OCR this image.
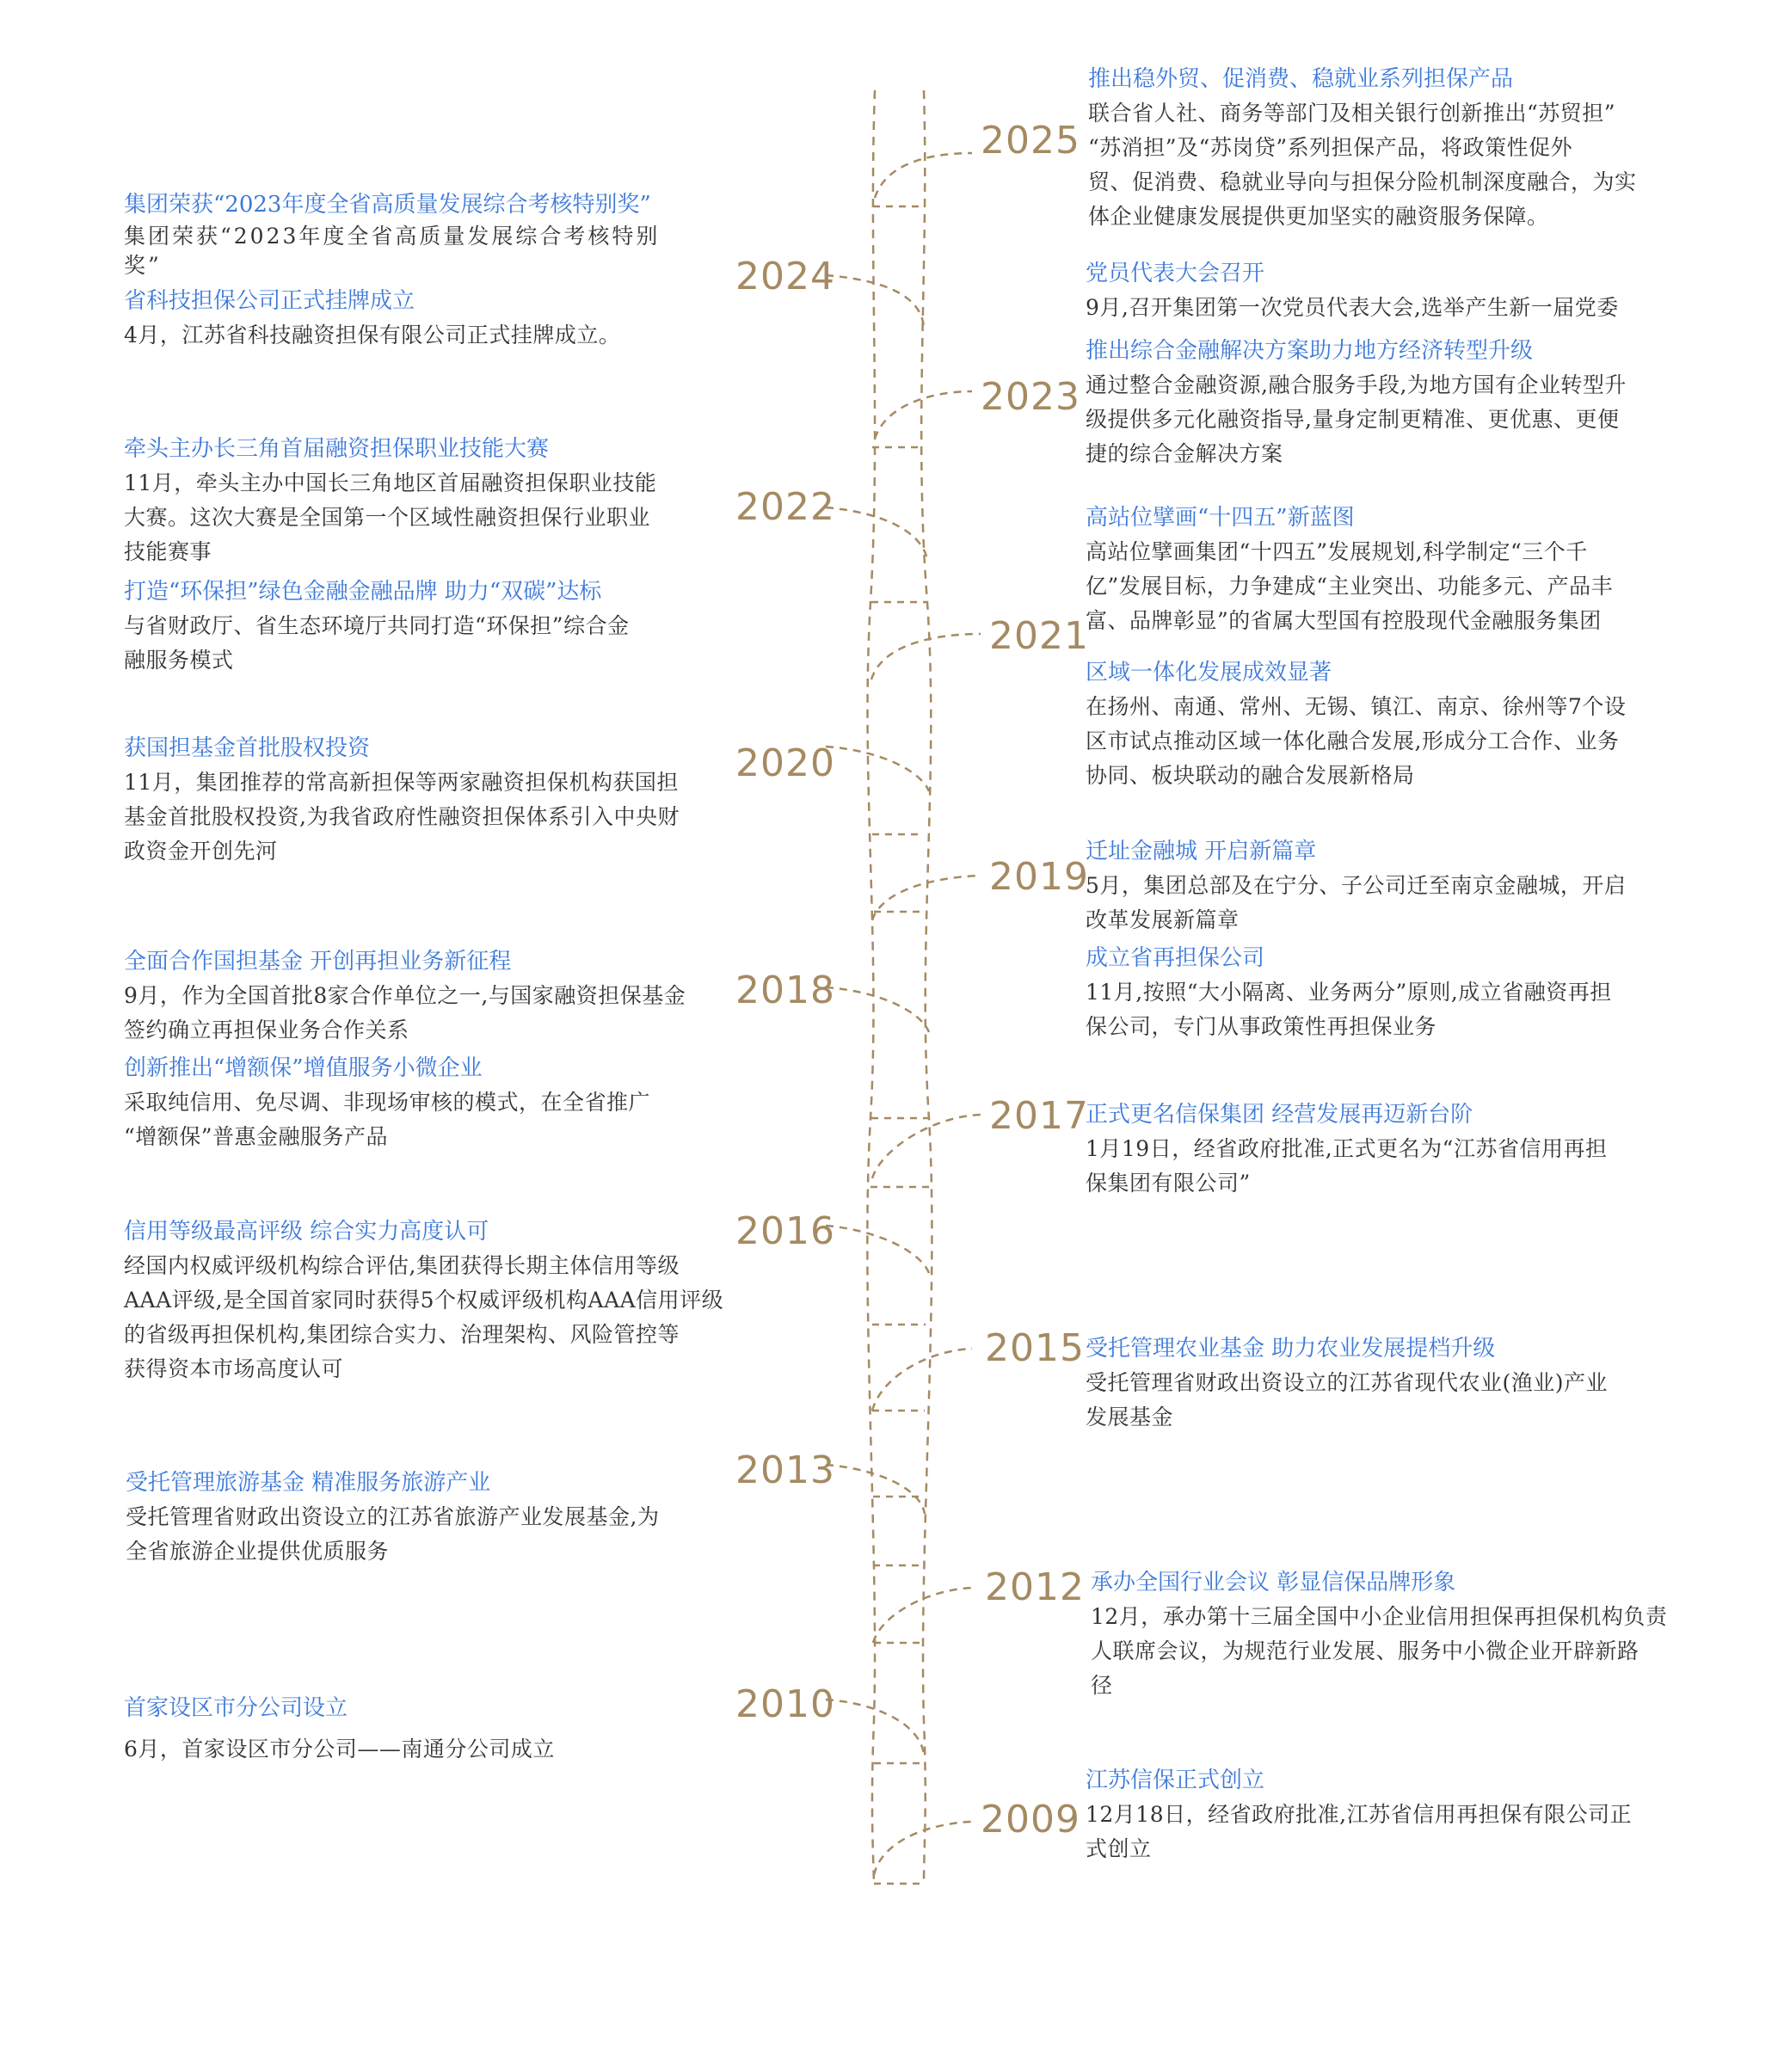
2025
2024
2023
2022
2021
2020
2019
2018
2017
2016
2015
2013
2012
2010
2009
推出稳外贸、促消费、稳就业系列担保产品
联合省人社、商务等部门及相关银行创新推出“苏贸担”
“苏消担”及“苏岗贷”系列担保产品，将政策性促外
贸、促消费、稳就业导向与担保分险机制深度融合，为实
体企业健康发展提供更加坚实的融资服务保障。
党员代表大会召开
9月,召开集团第一次党员代表大会,选举产生新一届党委
推出综合金融解决方案助力地方经济转型升级
通过整合金融资源,融合服务手段,为地方国有企业转型升
级提供多元化融资指导,量身定制更精准、更优惠、更便
捷的综合金解决方案
高站位擘画“十四五”新蓝图
高站位擘画集团“十四五”发展规划,科学制定“三个千
亿”发展目标，力争建成“主业突出、功能多元、产品丰
富、品牌彰显”的省属大型国有控股现代金融服务集团
区域一体化发展成效显著
在扬州、南通、常州、无锡、镇江、南京、徐州等7个设
区市试点推动区域一体化融合发展,形成分工合作、业务
协同、板块联动的融合发展新格局
迁址金融城 开启新篇章
5月，集团总部及在宁分、子公司迁至南京金融城，开启
改革发展新篇章
成立省再担保公司
11月,按照“大小隔离、业务两分”原则,成立省融资再担
保公司，专门从事政策性再担保业务
正式更名信保集团 经营发展再迈新台阶
1月19日，经省政府批准,正式更名为“江苏省信用再担
保集团有限公司”
受托管理农业基金 助力农业发展提档升级
受托管理省财政出资设立的江苏省现代农业(渔业)产业
发展基金
承办全国行业会议 彰显信保品牌形象
12月，承办第十三届全国中小企业信用担保再担保机构负责
人联席会议，为规范行业发展、服务中小微企业开辟新路
径
江苏信保正式创立
12月18日，经省政府批准,江苏省信用再担保有限公司正
式创立
集团荣获“2023年度全省高质量发展综合考核特别奖”
集团荣获“2023年度全省高质量发展综合考核特别
奖”
省科技担保公司正式挂牌成立
4月，江苏省科技融资担保有限公司正式挂牌成立。
牵头主办长三角首届融资担保职业技能大赛
11月，牵头主办中国长三角地区首届融资担保职业技能
大赛。这次大赛是全国第一个区域性融资担保行业职业
技能赛事
打造“环保担”绿色金融金融品牌 助力“双碳”达标
与省财政厅、省生态环境厅共同打造“环保担”综合金
融服务模式
获国担基金首批股权投资
11月，集团推荐的常高新担保等两家融资担保机构获国担
基金首批股权投资,为我省政府性融资担保体系引入中央财
政资金开创先河
全面合作国担基金 开创再担业务新征程
9月，作为全国首批8家合作单位之一,与国家融资担保基金
签约确立再担保业务合作关系
创新推出“增额保”增值服务小微企业
采取纯信用、免尽调、非现场审核的模式，在全省推广
“增额保”普惠金融服务产品
信用等级最高评级 综合实力高度认可
经国内权威评级机构综合评估,集团获得长期主体信用等级
AAA评级,是全国首家同时获得5个权威评级机构AAA信用评级
的省级再担保机构,集团综合实力、治理架构、风险管控等
获得资本市场高度认可
受托管理旅游基金 精准服务旅游产业
受托管理省财政出资设立的江苏省旅游产业发展基金,为
全省旅游企业提供优质服务
首家设区市分公司设立
6月，首家设区市分公司——南通分公司成立
